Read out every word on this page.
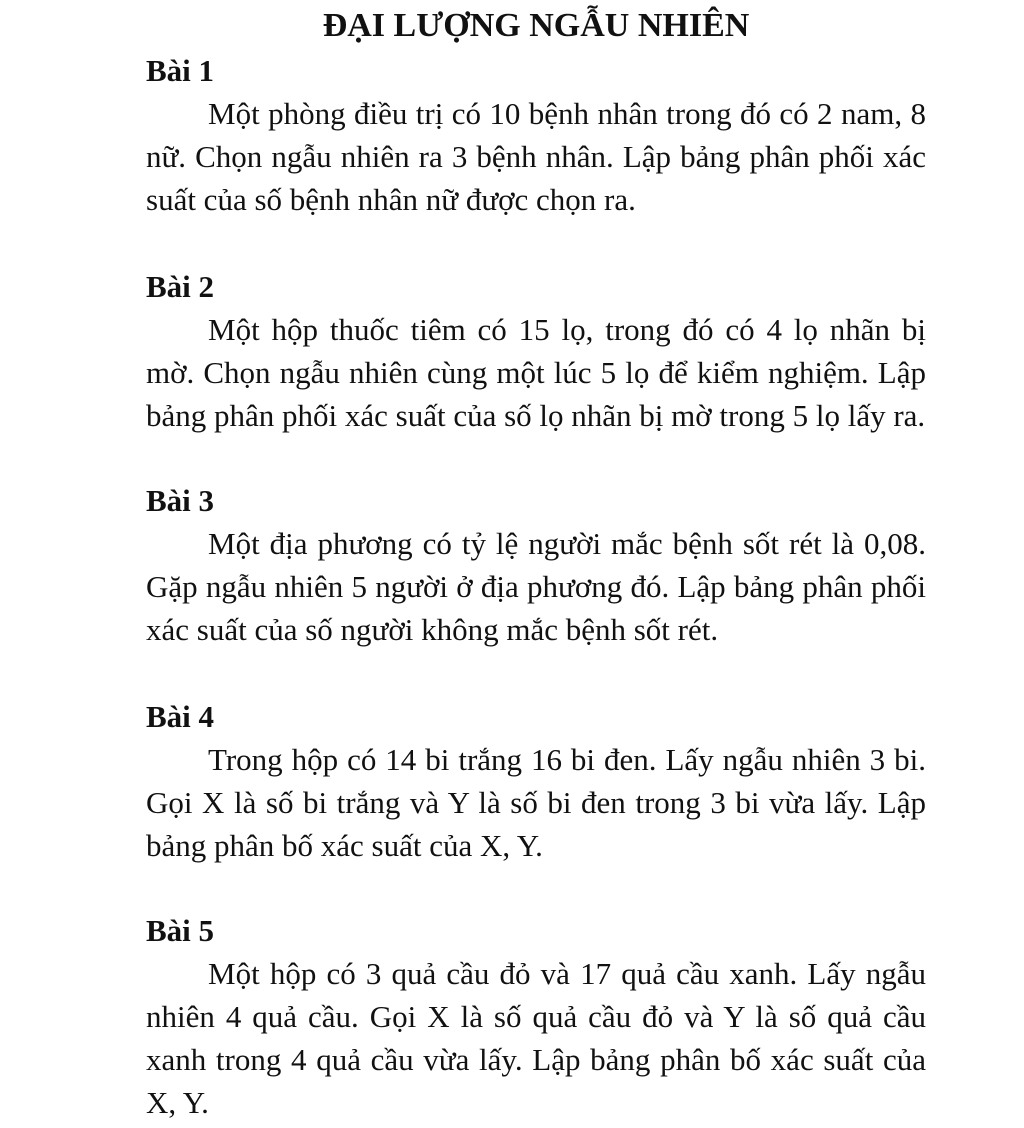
ĐẠI LƯỢNG NGẪU NHIÊN

Bài 1

Một phòng điều trị có 10 bệnh nhân trong đó có 2 nam, 8 nữ. Chọn ngẫu nhiên ra 3 bệnh nhân. Lập bảng phân phối xác suất của số bệnh nhân nữ được chọn ra.

Bài 2

Một hộp thuốc tiêm có 15 lọ, trong đó có 4 lọ nhãn bị mờ. Chọn ngẫu nhiên cùng một lúc 5 lọ để kiểm nghiệm. Lập bảng phân phối xác suất của số lọ nhãn bị mờ trong 5 lọ lấy ra.

Bài 3

Một địa phương có tỷ lệ người mắc bệnh sốt rét là 0,08. Gặp ngẫu nhiên 5 người ở địa phương đó. Lập bảng phân phối xác suất của số người không mắc bệnh sốt rét.

Bài 4

Trong hộp có 14 bi trắng 16 bi đen. Lấy ngẫu nhiên 3 bi. Gọi X là số bi trắng và Y là số bi đen trong 3 bi vừa lấy. Lập bảng phân bố xác suất của X, Y.

Bài 5

Một hộp có 3 quả cầu đỏ và 17 quả cầu xanh. Lấy ngẫu nhiên 4 quả cầu. Gọi X là số quả cầu đỏ và Y là số quả cầu xanh trong 4 quả cầu vừa lấy. Lập bảng phân bố xác suất của X, Y.
